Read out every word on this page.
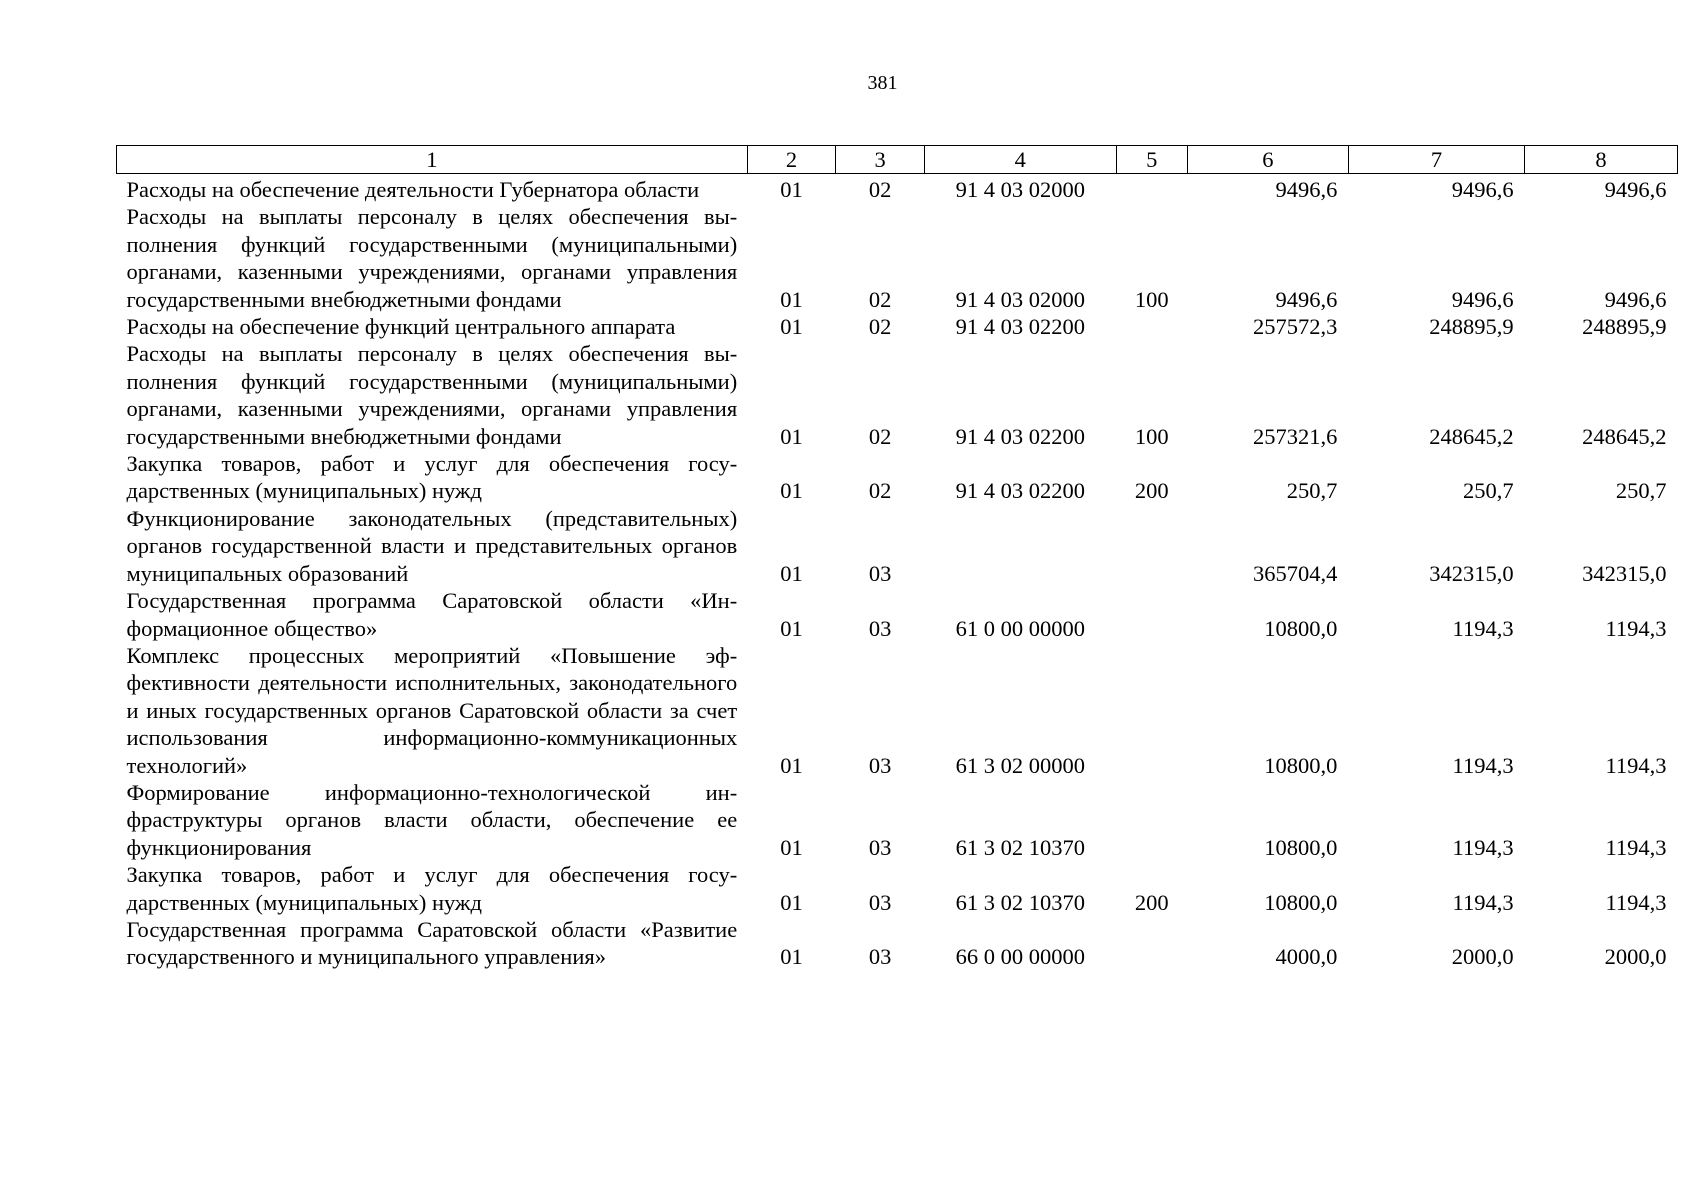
381
1	2	3	4	5	6	7	8
Расходы на обеспечение деятельности Губернатора области	01	02	91 4 03 02000		9496,6	9496,6	9496,6
Расходы на выплаты персоналу в целях обеспечения выполнения функций государственными (муниципальными) органами, казенными учреждениями, органами управления государственными внебюджетными фондами	01	02	91 4 03 02000	100	9496,6	9496,6	9496,6
Расходы на обеспечение функций центрального аппарата	01	02	91 4 03 02200		257572,3	248895,9	248895,9
Расходы на выплаты персоналу в целях обеспечения выполнения функций государственными (муниципальными) органами, казенными учреждениями, органами управления государственными внебюджетными фондами	01	02	91 4 03 02200	100	257321,6	248645,2	248645,2
Закупка товаров, работ и услуг для обеспечения государственных (муниципальных) нужд	01	02	91 4 03 02200	200	250,7	250,7	250,7
Функционирование законодательных (представительных) органов государственной власти и представительных органов муниципальных образований	01	03			365704,4	342315,0	342315,0
Государственная программа Саратовской области «Информационное общество»	01	03	61 0 00 00000		10800,0	1194,3	1194,3
Комплекс процессных мероприятий «Повышение эффективности деятельности исполнительных, законодательного и иных государственных органов Саратовской области за счет использования информационно-коммуникационных технологий»	01	03	61 3 02 00000		10800,0	1194,3	1194,3
Формирование информационно-технологической инфраструктуры органов власти области, обеспечение ее функционирования	01	03	61 3 02 10370		10800,0	1194,3	1194,3
Закупка товаров, работ и услуг для обеспечения государственных (муниципальных) нужд	01	03	61 3 02 10370	200	10800,0	1194,3	1194,3
Государственная программа Саратовской области «Развитие государственного и муниципального управления»	01	03	66 0 00 00000		4000,0	2000,0	2000,0
